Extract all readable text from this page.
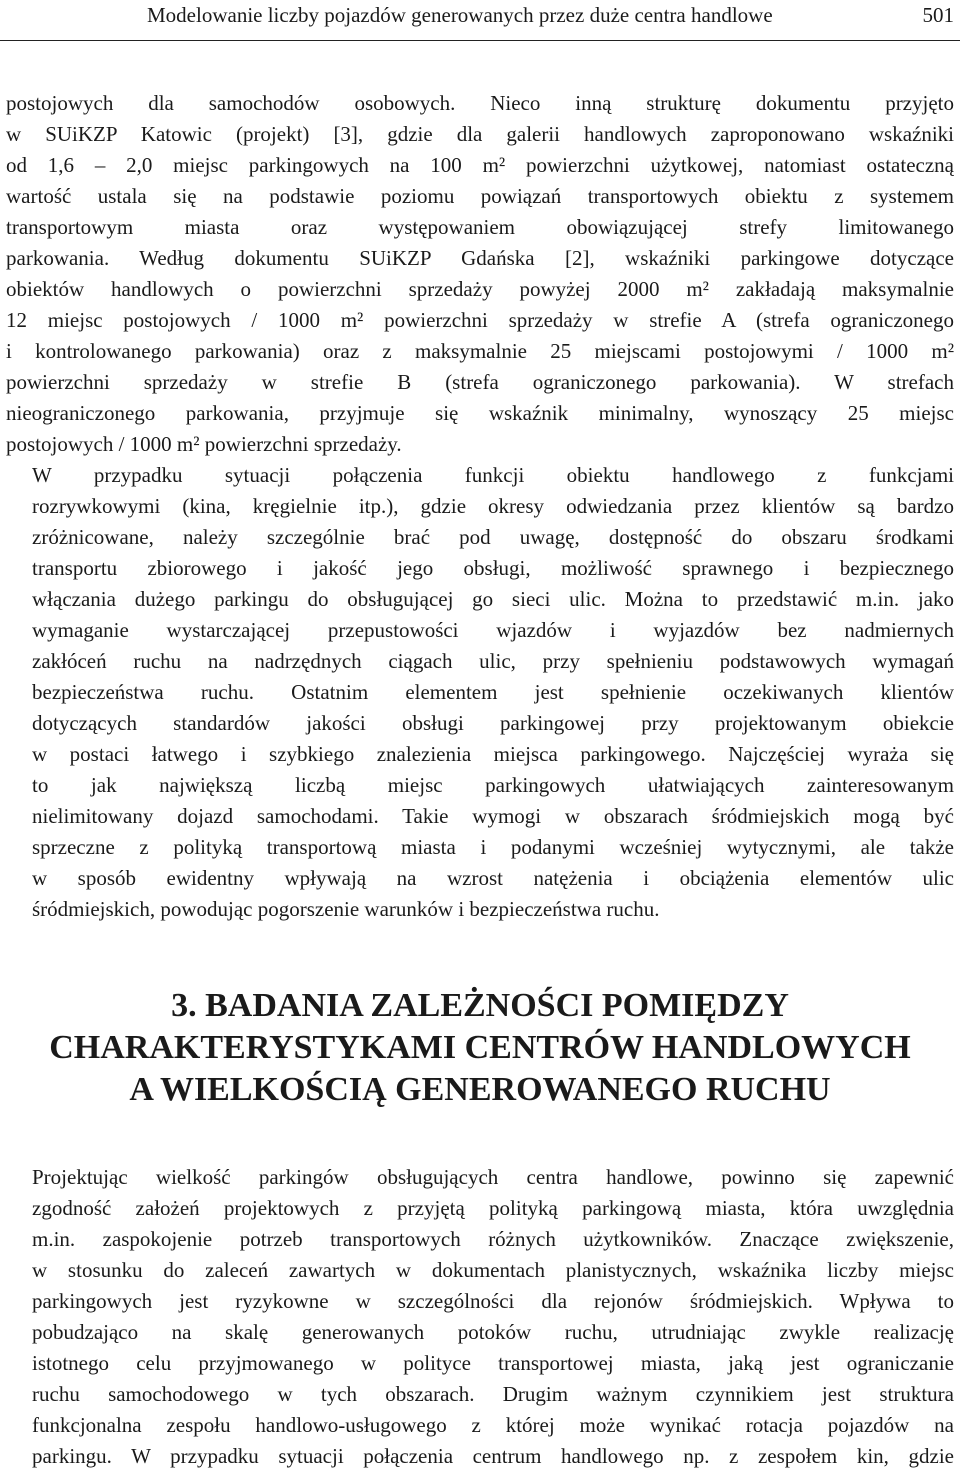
Modelowanie liczby pojazdów generowanych przez duże centra handlowe	501

postojowych dla samochodów osobowych. Nieco inną strukturę dokumentu przyjęto
w SUiKZP Katowic (projekt) [3], gdzie dla galerii handlowych zaproponowano wskaźniki
od 1,6 – 2,0 miejsc parkingowych na 100 m² powierzchni użytkowej, natomiast ostateczną
wartość ustala się na podstawie poziomu powiązań transportowych obiektu z systemem
transportowym miasta oraz występowaniem obowiązującej strefy limitowanego
parkowania. Według dokumentu SUiKZP Gdańska [2], wskaźniki parkingowe dotyczące
obiektów handlowych o powierzchni sprzedaży powyżej 2000 m² zakładają maksymalnie
12 miejsc postojowych / 1000 m² powierzchni sprzedaży w strefie A (strefa ograniczonego
i kontrolowanego parkowania) oraz z maksymalnie 25 miejscami postojowymi / 1000 m²
powierzchni sprzedaży w strefie B (strefa ograniczonego parkowania). W strefach
nieograniczonego parkowania, przyjmuje się wskaźnik minimalny, wynoszący 25 miejsc
postojowych / 1000 m² powierzchni sprzedaży.

W przypadku sytuacji połączenia funkcji obiektu handlowego z funkcjami
rozrywkowymi (kina, kręgielnie itp.), gdzie okresy odwiedzania przez klientów są bardzo
zróżnicowane, należy szczególnie brać pod uwagę, dostępność do obszaru środkami
transportu zbiorowego i jakość jego obsługi, możliwość sprawnego i bezpiecznego
włączania dużego parkingu do obsługującej go sieci ulic. Można to przedstawić m.in. jako
wymaganie wystarczającej przepustowości wjazdów i wyjazdów bez nadmiernych
zakłóceń ruchu na nadrzędnych ciągach ulic, przy spełnieniu podstawowych wymagań
bezpieczeństwa ruchu. Ostatnim elementem jest spełnienie oczekiwanych klientów
dotyczących standardów jakości obsługi parkingowej przy projektowanym obiekcie
w postaci łatwego i szybkiego znalezienia miejsca parkingowego. Najczęściej wyraża się
to jak największą liczbą miejsc parkingowych ułatwiających zainteresowanym
nielimitowany dojazd samochodami. Takie wymogi w obszarach śródmiejskich mogą być
sprzeczne z polityką transportową miasta i podanymi wcześniej wytycznymi, ale także
w sposób ewidentny wpływają na wzrost natężenia i obciążenia elementów ulic
śródmiejskich, powodując pogorszenie warunków i bezpieczeństwa ruchu.

3. BADANIA ZALEŻNOŚCI POMIĘDZY
CHARAKTERYSTYKAMI CENTRÓW HANDLOWYCH
A WIELKOŚCIĄ GENEROWANEGO RUCHU

Projektując wielkość parkingów obsługujących centra handlowe, powinno się zapewnić
zgodność założeń projektowych z przyjętą polityką parkingową miasta, która uwzględnia
m.in. zaspokojenie potrzeb transportowych różnych użytkowników. Znaczące zwiększenie,
w stosunku do zaleceń zawartych w dokumentach planistycznych, wskaźnika liczby miejsc
parkingowych jest ryzykowne w szczególności dla rejonów śródmiejskich. Wpływa to
pobudzająco na skalę generowanych potoków ruchu, utrudniając zwykle realizację
istotnego celu przyjmowanego w polityce transportowej miasta, jaką jest ograniczanie
ruchu samochodowego w tych obszarach. Drugim ważnym czynnikiem jest struktura
funkcjonalna zespołu handlowo-usługowego z której może wynikać rotacja pojazdów na
parkingu. W przypadku sytuacji połączenia centrum handlowego np. z zespołem kin, gdzie
